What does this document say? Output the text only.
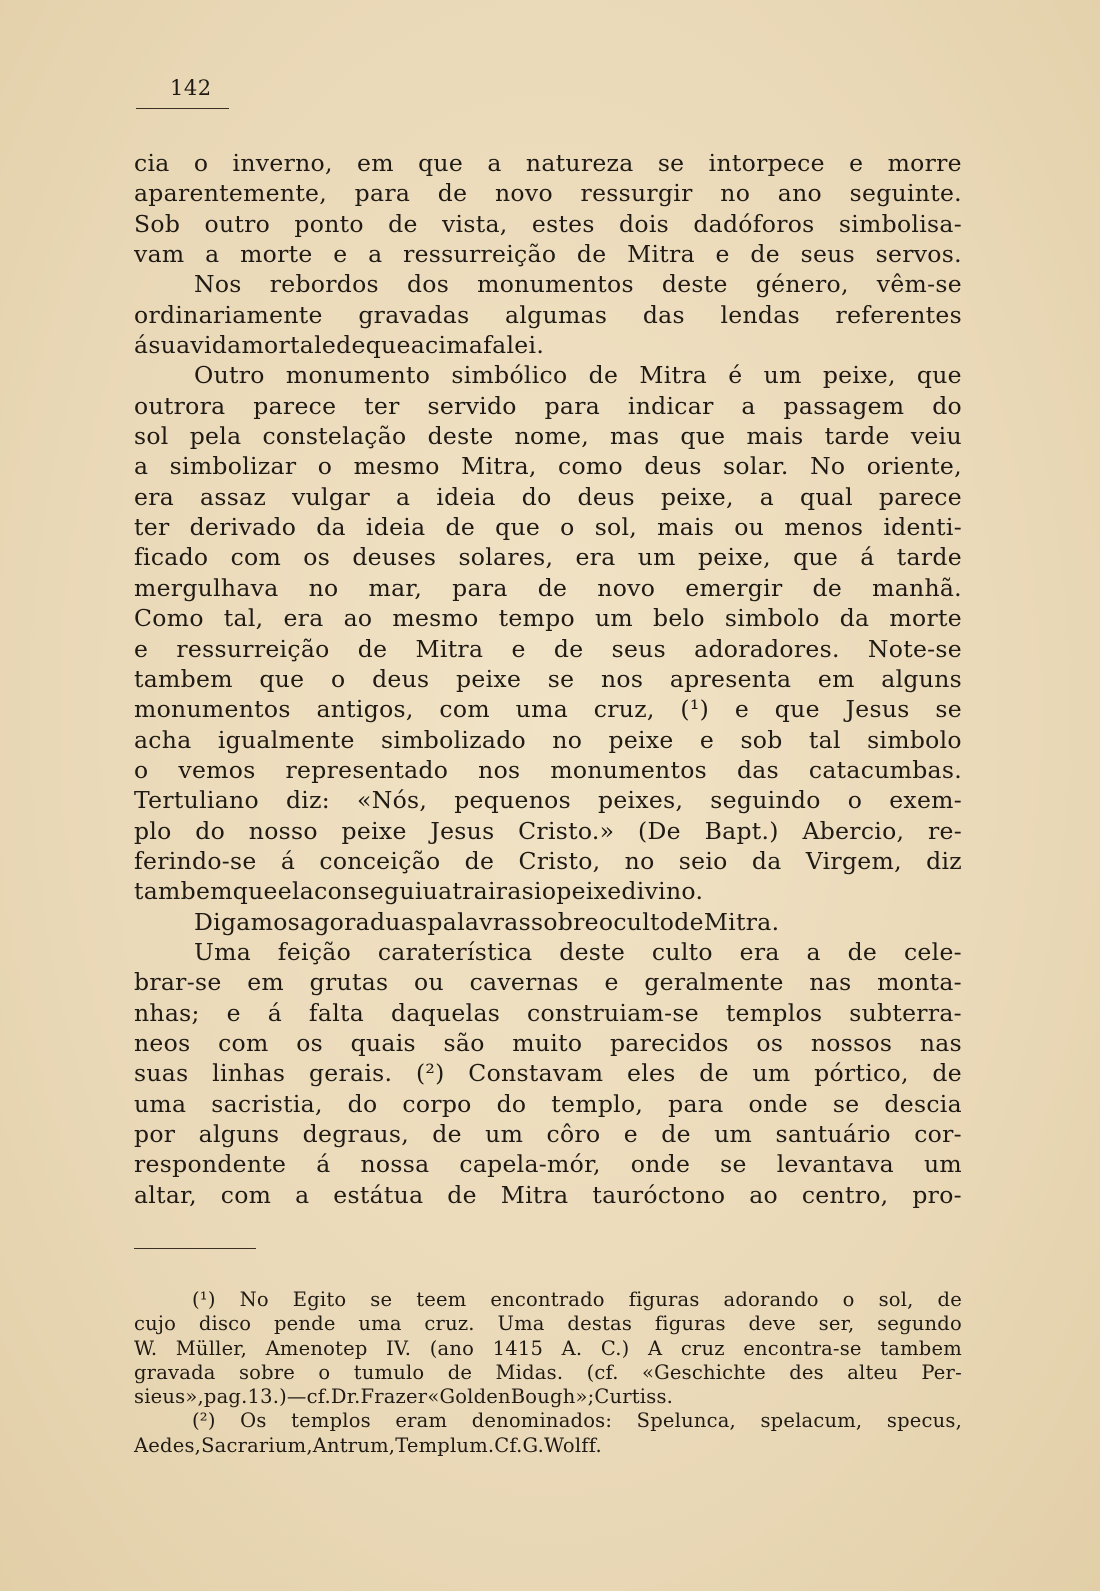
142
cia o inverno, em que a natureza se intorpece e morre
aparentemente, para de novo ressurgir no ano seguinte.
Sob outro ponto de vista, estes dois dadóforos simbolisa-
vam a morte e a ressurreição de Mitra e de seus servos.
Nos rebordos dos monumentos deste género, vêm-se
ordinariamente gravadas algumas das lendas referentes
á sua vida mortal e de que acima falei.
Outro monumento simbólico de Mitra é um peixe, que
outrora parece ter servido para indicar a passagem do
sol pela constelação deste nome, mas que mais tarde veiu
a simbolizar o mesmo Mitra, como deus solar. No oriente,
era assaz vulgar a ideia do deus peixe, a qual parece
ter derivado da ideia de que o sol, mais ou menos identi-
ficado com os deuses solares, era um peixe, que á tarde
mergulhava no mar, para de novo emergir de manhã.
Como tal, era ao mesmo tempo um belo simbolo da morte
e ressurreição de Mitra e de seus adoradores. Note-se
tambem que o deus peixe se nos apresenta em alguns
monumentos antigos, com uma cruz, (¹) e que Jesus se
acha igualmente simbolizado no peixe e sob tal simbolo
o vemos representado nos monumentos das catacumbas.
Tertuliano diz: «Nós, pequenos peixes, seguindo o exem-
plo do nosso peixe Jesus Cristo.» (De Bapt.) Abercio, re-
ferindo-se á conceição de Cristo, no seio da Virgem, diz
tambem que ela conseguiu atrair a si o peixe divino.
Digamos agora duas palavras sobre o culto de Mitra.
Uma feição caraterística deste culto era a de cele-
brar-se em grutas ou cavernas e geralmente nas monta-
nhas; e á falta daquelas construiam-se templos subterra-
neos com os quais são muito parecidos os nossos nas
suas linhas gerais. (²) Constavam eles de um pórtico, de
uma sacristia, do corpo do templo, para onde se descia
por alguns degraus, de um côro e de um santuário cor-
respondente á nossa capela-mór, onde se levantava um
altar, com a estátua de Mitra tauróctono ao centro, pro-
(¹) No Egito se teem encontrado figuras adorando o sol, de
cujo disco pende uma cruz. Uma destas figuras deve ser, segundo
W. Müller, Amenotep IV. (ano 1415 A. C.) A cruz encontra-se tambem
gravada sobre o tumulo de Midas. (cf. «Geschichte des alteu Per-
sieus», pag. 13.) — cf. Dr. Frazer «Golden Bough»; Curtiss.
(²) Os templos eram denominados: Spelunca, spelacum, specus,
Aedes, Sacrarium, Antrum, Templum. Cf. G. Wolff.
